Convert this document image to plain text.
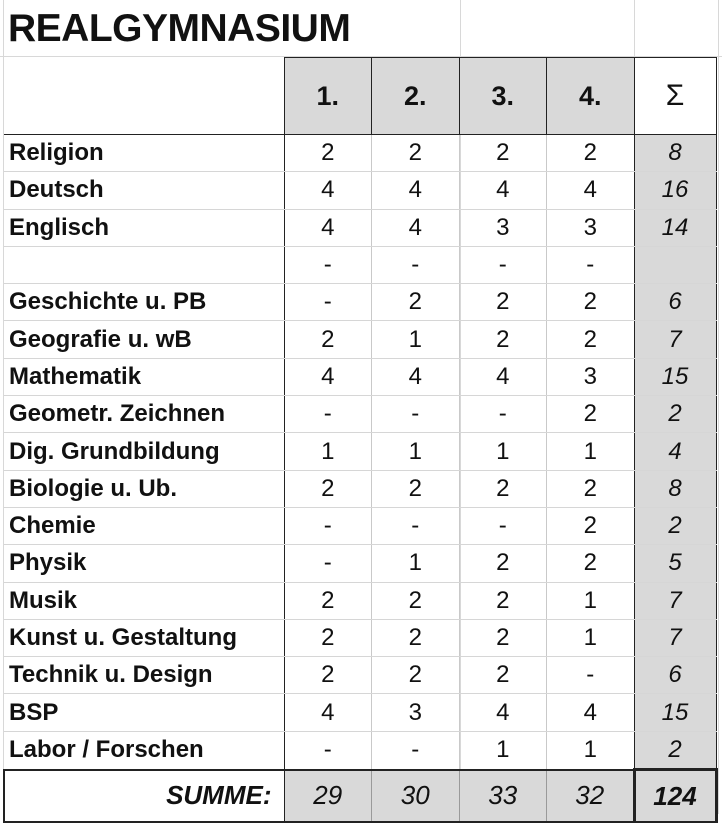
REALGYMNASIUM
	1.	2.	3.	4.	Σ
Religion	2	2	2	2	8
Deutsch	4	4	4	4	16
Englisch	4	4	3	3	14
	-	-	-	-	
Geschichte u. PB	-	2	2	2	6
Geografie u. wB	2	1	2	2	7
Mathematik	4	4	4	3	15
Geometr. Zeichnen	-	-	-	2	2
Dig. Grundbildung	1	1	1	1	4
Biologie u. Ub.	2	2	2	2	8
Chemie	-	-	-	2	2
Physik	-	1	2	2	5
Musik	2	2	2	1	7
Kunst u. Gestaltung	2	2	2	1	7
Technik u. Design	2	2	2	-	6
BSP	4	3	4	4	15
Labor / Forschen	-	-	1	1	2
SUMME:	29	30	33	32	124
